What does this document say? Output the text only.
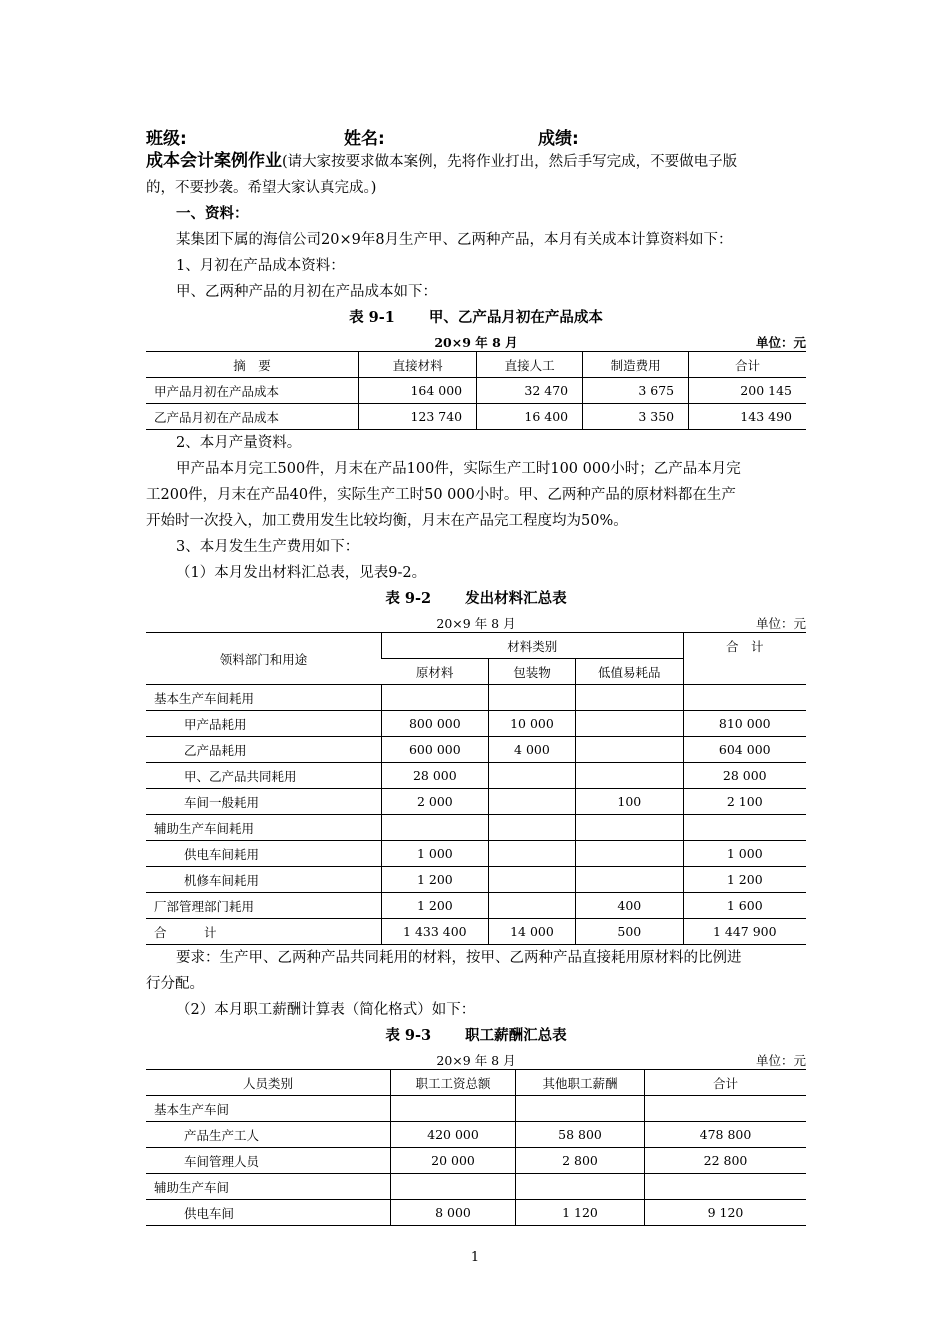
班级:	姓名:	成绩:
成本会计案例作业(请大家按要求做本案例，先将作业打出，然后手写完成，不要做电子版
的，不要抄袭。希望大家认真完成。)

一、资料：

某集团下属的海信公司20×9年8月生产甲、乙两种产品，本月有关成本计算资料如下：

1、月初在产品成本资料：

甲、乙两种产品的月初在产品成本如下：

表 9-1 甲、乙产品月初在产品成本
20×9 年 8 月	单位：元
摘　要	直接材料	直接人工	制造费用	合计
甲产品月初在产品成本	164 000	32 470	3 675	200 145
乙产品月初在产品成本	123 740	16 400	3 350	143 490

2、本月产量资料。

甲产品本月完工500件，月末在产品100件，实际生产工时100 000小时；乙产品本月完

工200件，月末在产品40件，实际生产工时50 000小时。甲、乙两种产品的原材料都在生产

开始时一次投入，加工费用发生比较均衡，月末在产品完工程度均为50%。

3、本月发生生产费用如下：

（1）本月发出材料汇总表，见表9-2。

表 9-2 发出材料汇总表
20×9 年 8 月	单位：元
领料部门和用途	材料类别			合　计
	原材料	包装物	低值易耗品	
基本生产车间耗用				
甲产品耗用	800 000	10 000		810 000
乙产品耗用	600 000	4 000		604 000
甲、乙产品共同耗用	28 000			28 000
车间一般耗用	2 000		100	2 100
辅助生产车间耗用				
供电车间耗用	1 000			1 000
机修车间耗用	1 200			1 200
厂部管理部门耗用	1 200		400	1 600
合　　　计	1 433 400	14 000	500	1 447 900

要求：生产甲、乙两种产品共同耗用的材料，按甲、乙两种产品直接耗用原材料的比例进

行分配。

（2）本月职工薪酬计算表（简化格式）如下：

表 9-3 职工薪酬汇总表
20×9 年 8 月	单位：元
人员类别	职工工资总额	其他职工薪酬	合计
基本生产车间			
产品生产工人	420 000	58 800	478 800
车间管理人员	20 000	2 800	22 800
辅助生产车间			
供电车间	8 000	1 120	9 120
1
